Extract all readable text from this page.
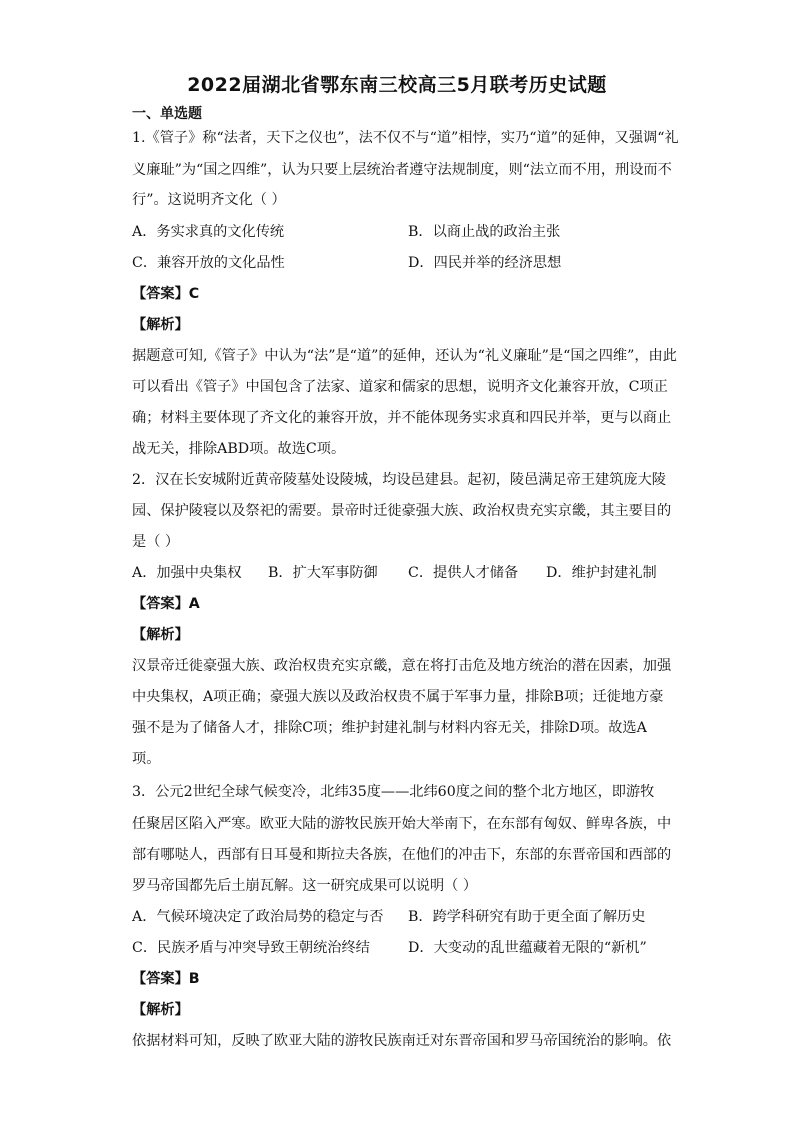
2022届湖北省鄂东南三校高三5月联考历史试题
一、单选题
1.《管子》称“法者，天下之仪也”，法不仅不与“道”相悖，实乃“道”的延伸，又强调“礼
义廉耻”为“国之四维”，认为只要上层统治者遵守法规制度，则“法立而不用，刑设而不
行”。这说明齐文化（ ）
A．务实求真的文化传统	B．以商止战的政治主张
C．兼容开放的文化品性	D．四民并举的经济思想
【答案】C
【解析】
据题意可知,《管子》中认为“法”是“道”的延伸，还认为“礼义廉耻”是“国之四维”，由此
可以看出《管子》中国包含了法家、道家和儒家的思想，说明齐文化兼容开放，C项正
确；材料主要体现了齐文化的兼容开放，并不能体现务实求真和四民并举，更与以商止
战无关，排除ABD项。故选C项。
2．汉在长安城附近黄帝陵墓处设陵城，均设邑建县。起初，陵邑满足帝王建筑庞大陵
园、保护陵寝以及祭祀的需要。景帝时迁徙豪强大族、政治权贵充实京畿，其主要目的
是（ ）
A．加强中央集权 B．扩大军事防御 C．提供人才储备 D．维护封建礼制
【答案】A
【解析】
汉景帝迁徙豪强大族、政治权贵充实京畿，意在将打击危及地方统治的潜在因素，加强
中央集权，A项正确；豪强大族以及政治权贵不属于军事力量，排除B项；迁徙地方豪
强不是为了储备人才，排除C项；维护封建礼制与材料内容无关，排除D项。故选A
项。
3．公元2世纪全球气候变冷，北纬35度——北纬60度之间的整个北方地区，即游牧
任聚居区陷入严寒。欧亚大陆的游牧民族开始大举南下，在东部有匈奴、鲜卑各族，中
部有哪哒人，西部有日耳曼和斯拉夫各族，在他们的冲击下，东部的东晋帝国和西部的
罗马帝国都先后土崩瓦解。这一研究成果可以说明（ ）
A．气候环境决定了政治局势的稳定与否 B．跨学科研究有助于更全面了解历史
C．民族矛盾与冲突导致王朝统治终结	D．大变动的乱世蕴藏着无限的“新机”
【答案】B
【解析】
依据材料可知，反映了欧亚大陆的游牧民族南迁对东晋帝国和罗马帝国统治的影响。依
